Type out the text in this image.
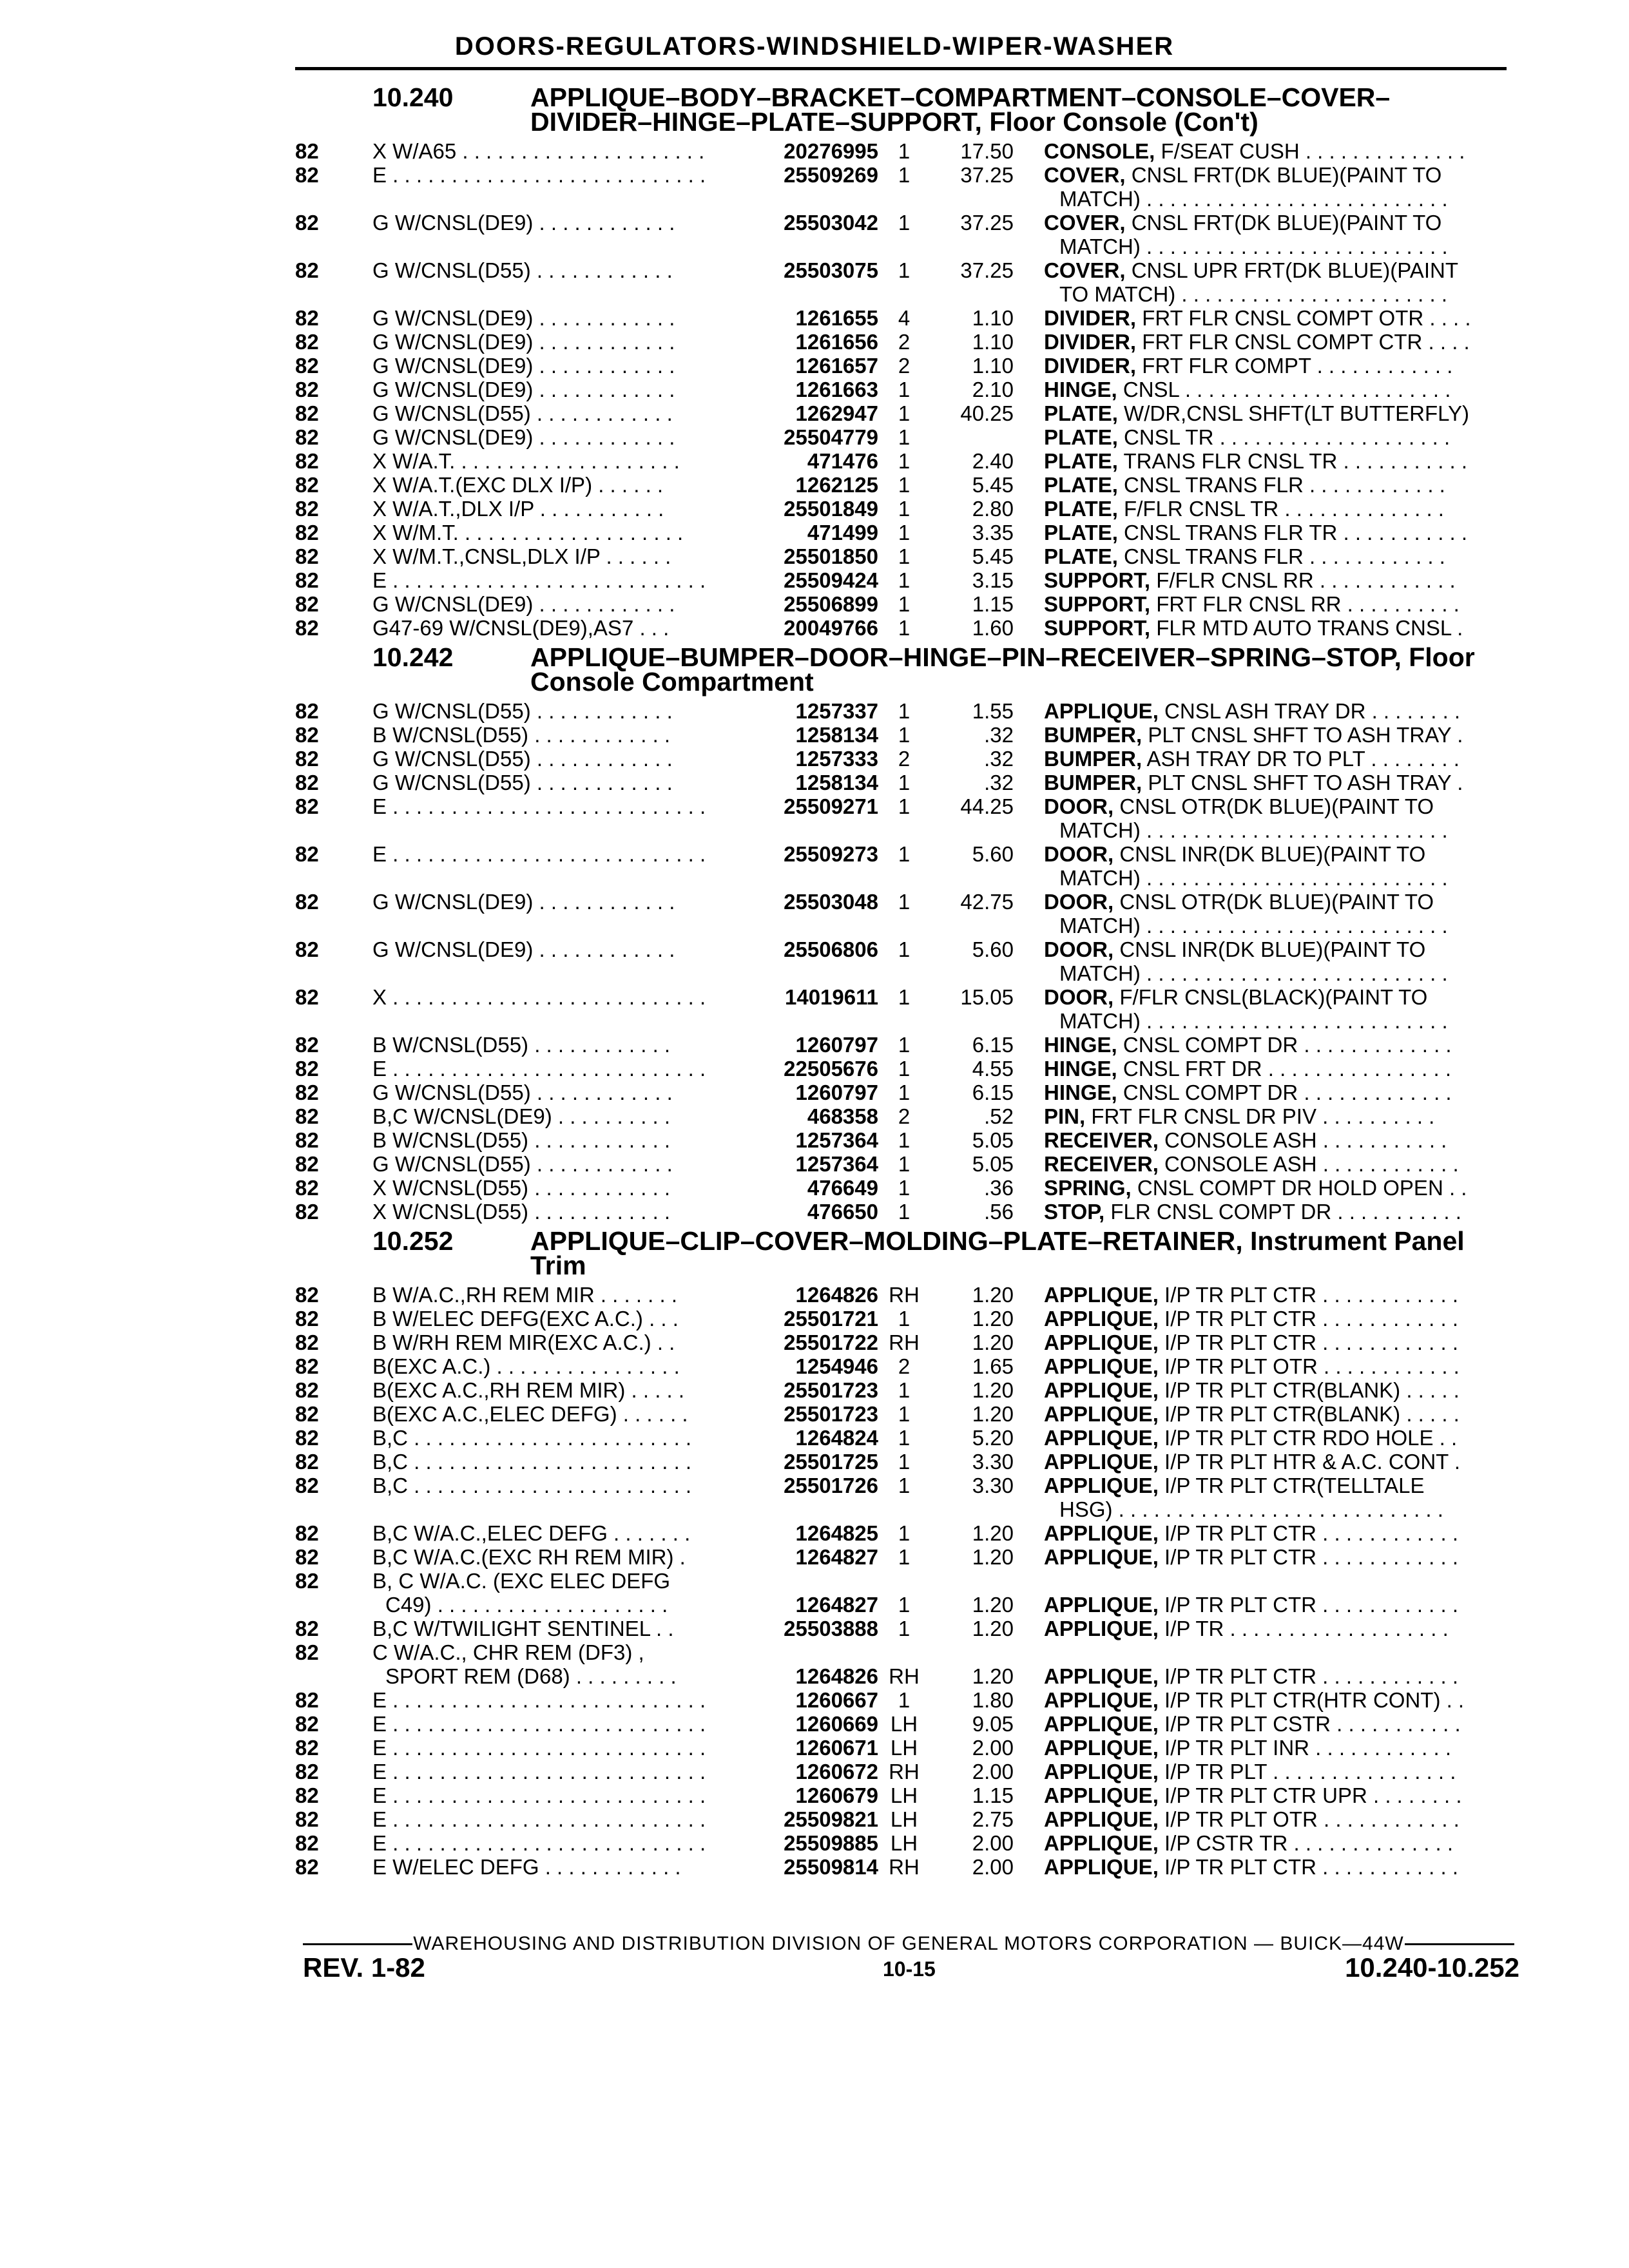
DOORS-REGULATORS-WINDSHIELD-WIPER-WASHER
10.240	APPLIQUE–BODY–BRACKET–COMPARTMENT–CONSOLE–COVER–DIVIDER–HINGE–PLATE–SUPPORT, Floor Console (Con't)
82	X W/A65 . . . . . . . . . . . . . . . . . . . . .	20276995 1	17.50 CONSOLE, F/SEAT CUSH . . . . . . . . . . . . . .
82	E . . . . . . . . . . . . . . . . . . . . . . . . . . .	25509269 1	37.25 COVER, CNSL FRT(DK BLUE)(PAINT TO
MATCH) . . . . . . . . . . . . . . . . . . . . . . . . . .
82	G W/CNSL(DE9) . . . . . . . . . . . .	25503042 1	37.25 COVER, CNSL FRT(DK BLUE)(PAINT TO
MATCH) . . . . . . . . . . . . . . . . . . . . . . . . . .
82	G W/CNSL(D55) . . . . . . . . . . . .	25503075 1	37.25 COVER, CNSL UPR FRT(DK BLUE)(PAINT
TO MATCH) . . . . . . . . . . . . . . . . . . . . . . .
82	G W/CNSL(DE9) . . . . . . . . . . . .	1261655 4	1.10 DIVIDER, FRT FLR CNSL COMPT OTR . . . .
82	G W/CNSL(DE9) . . . . . . . . . . . .	1261656 2	1.10 DIVIDER, FRT FLR CNSL COMPT CTR . . . .
82	G W/CNSL(DE9) . . . . . . . . . . . .	1261657 2	1.10 DIVIDER, FRT FLR COMPT . . . . . . . . . . . .
82	G W/CNSL(DE9) . . . . . . . . . . . .	1261663 1	2.10 HINGE, CNSL . . . . . . . . . . . . . . . . . . . . . . .
82	G W/CNSL(D55) . . . . . . . . . . . .	1262947 1	40.25 PLATE, W/DR,CNSL SHFT(LT BUTTERFLY)
82	G W/CNSL(DE9) . . . . . . . . . . . .	25504779 1	PLATE, CNSL TR . . . . . . . . . . . . . . . . . . . .
82	X W/A.T. . . . . . . . . . . . . . . . . . . .	471476 1	2.40 PLATE, TRANS FLR CNSL TR . . . . . . . . . . .
82	X W/A.T.(EXC DLX I/P) . . . . . .	1262125 1	5.45 PLATE, CNSL TRANS FLR . . . . . . . . . . . .
82	X W/A.T.,DLX I/P . . . . . . . . . . .	25501849 1	2.80 PLATE, F/FLR CNSL TR . . . . . . . . . . . . . .
82	X W/M.T. . . . . . . . . . . . . . . . . . . .	471499 1	3.35 PLATE, CNSL TRANS FLR TR . . . . . . . . . . .
82	X W/M.T.,CNSL,DLX I/P . . . . . .	25501850 1	5.45 PLATE, CNSL TRANS FLR . . . . . . . . . . . .
82	E . . . . . . . . . . . . . . . . . . . . . . . . . . .	25509424 1	3.15 SUPPORT, F/FLR CNSL RR . . . . . . . . . . . .
82	G W/CNSL(DE9) . . . . . . . . . . . .	25506899 1	1.15 SUPPORT, FRT FLR CNSL RR . . . . . . . . . .
82	G47-69 W/CNSL(DE9),AS7 . . .	20049766 1	1.60 SUPPORT, FLR MTD AUTO TRANS CNSL .
10.242	APPLIQUE–BUMPER–DOOR–HINGE–PIN–RECEIVER–SPRING–STOP, Floor Console Compartment
82	G W/CNSL(D55) . . . . . . . . . . . .	1257337 1	1.55 APPLIQUE, CNSL ASH TRAY DR . . . . . . . .
82	B W/CNSL(D55) . . . . . . . . . . . .	1258134 1	.32 BUMPER, PLT CNSL SHFT TO ASH TRAY .
82	G W/CNSL(D55) . . . . . . . . . . . .	1257333 2	.32 BUMPER, ASH TRAY DR TO PLT . . . . . . . .
82	G W/CNSL(D55) . . . . . . . . . . . .	1258134 1	.32 BUMPER, PLT CNSL SHFT TO ASH TRAY .
82	E . . . . . . . . . . . . . . . . . . . . . . . . . . .	25509271 1	44.25 DOOR, CNSL OTR(DK BLUE)(PAINT TO
MATCH) . . . . . . . . . . . . . . . . . . . . . . . . . .
82	E . . . . . . . . . . . . . . . . . . . . . . . . . . .	25509273 1	5.60 DOOR, CNSL INR(DK BLUE)(PAINT TO
MATCH) . . . . . . . . . . . . . . . . . . . . . . . . . .
82	G W/CNSL(DE9) . . . . . . . . . . . .	25503048 1	42.75 DOOR, CNSL OTR(DK BLUE)(PAINT TO
MATCH) . . . . . . . . . . . . . . . . . . . . . . . . . .
82	G W/CNSL(DE9) . . . . . . . . . . . .	25506806 1	5.60 DOOR, CNSL INR(DK BLUE)(PAINT TO
MATCH) . . . . . . . . . . . . . . . . . . . . . . . . . .
82	X . . . . . . . . . . . . . . . . . . . . . . . . . . .	14019611 1	15.05 DOOR, F/FLR CNSL(BLACK)(PAINT TO
MATCH) . . . . . . . . . . . . . . . . . . . . . . . . . .
82	B W/CNSL(D55) . . . . . . . . . . . .	1260797 1	6.15 HINGE, CNSL COMPT DR . . . . . . . . . . . . .
82	E . . . . . . . . . . . . . . . . . . . . . . . . . . .	22505676 1	4.55 HINGE, CNSL FRT DR . . . . . . . . . . . . . . . .
82	G W/CNSL(D55) . . . . . . . . . . . .	1260797 1	6.15 HINGE, CNSL COMPT DR . . . . . . . . . . . . .
82	B,C W/CNSL(DE9) . . . . . . . . . .	468358 2	.52 PIN, FRT FLR CNSL DR PIV . . . . . . . . . .
82	B W/CNSL(D55) . . . . . . . . . . . .	1257364 1	5.05 RECEIVER, CONSOLE ASH . . . . . . . . . . .
82	G W/CNSL(D55) . . . . . . . . . . . .	1257364 1	5.05 RECEIVER, CONSOLE ASH . . . . . . . . . . . .
82	X W/CNSL(D55) . . . . . . . . . . . .	476649 1	.36 SPRING, CNSL COMPT DR HOLD OPEN . .
82	X W/CNSL(D55) . . . . . . . . . . . .	476650 1	.56 STOP, FLR CNSL COMPT DR . . . . . . . . . . .
10.252	APPLIQUE–CLIP–COVER–MOLDING–PLATE–RETAINER, Instrument Panel Trim
82	B W/A.C.,RH REM MIR . . . . . . .	1264826 RH	1.20 APPLIQUE, I/P TR PLT CTR . . . . . . . . . . . .
82	B W/ELEC DEFG(EXC A.C.) . . .	25501721 1	1.20 APPLIQUE, I/P TR PLT CTR . . . . . . . . . . . .
82	B W/RH REM MIR(EXC A.C.) . .	25501722 RH	1.20 APPLIQUE, I/P TR PLT CTR . . . . . . . . . . . .
82	B(EXC A.C.) . . . . . . . . . . . . . . . .	1254946 2	1.65 APPLIQUE, I/P TR PLT OTR . . . . . . . . . . . .
82	B(EXC A.C.,RH REM MIR) . . . . .	25501723 1	1.20 APPLIQUE, I/P TR PLT CTR(BLANK) . . . . .
82	B(EXC A.C.,ELEC DEFG) . . . . . .	25501723 1	1.20 APPLIQUE, I/P TR PLT CTR(BLANK) . . . . .
82	B,C . . . . . . . . . . . . . . . . . . . . . . . .	1264824 1	5.20 APPLIQUE, I/P TR PLT CTR RDO HOLE . .
82	B,C . . . . . . . . . . . . . . . . . . . . . . . .	25501725 1	3.30 APPLIQUE, I/P TR PLT HTR & A.C. CONT .
82	B,C . . . . . . . . . . . . . . . . . . . . . . . .	25501726 1	3.30 APPLIQUE, I/P TR PLT CTR(TELLTALE
HSG) . . . . . . . . . . . . . . . . . . . . . . . . . . . .
82	B,C W/A.C.,ELEC DEFG . . . . . . .	1264825 1	1.20 APPLIQUE, I/P TR PLT CTR . . . . . . . . . . . .
82	B,C W/A.C.(EXC RH REM MIR) .	1264827 1	1.20 APPLIQUE, I/P TR PLT CTR . . . . . . . . . . . .
82	B, C W/A.C. (EXC ELEC DEFG
C49) . . . . . . . . . . . . . . . . . . . .	1264827 1	1.20 APPLIQUE, I/P TR PLT CTR . . . . . . . . . . . .
82	B,C W/TWILIGHT SENTINEL . .	25503888 1	1.20 APPLIQUE, I/P TR . . . . . . . . . . . . . . . . . . .
82	C W/A.C., CHR REM (DF3) ,
SPORT REM (D68) . . . . . . . . .	1264826 RH	1.20 APPLIQUE, I/P TR PLT CTR . . . . . . . . . . . .
82	E . . . . . . . . . . . . . . . . . . . . . . . . . . .	1260667 1	1.80 APPLIQUE, I/P TR PLT CTR(HTR CONT) . .
82	E . . . . . . . . . . . . . . . . . . . . . . . . . . .	1260669 LH	9.05 APPLIQUE, I/P TR PLT CSTR . . . . . . . . . . .
82	E . . . . . . . . . . . . . . . . . . . . . . . . . . .	1260671 LH	2.00 APPLIQUE, I/P TR PLT INR . . . . . . . . . . . .
82	E . . . . . . . . . . . . . . . . . . . . . . . . . . .	1260672 RH	2.00 APPLIQUE, I/P TR PLT . . . . . . . . . . . . . . . .
82	E . . . . . . . . . . . . . . . . . . . . . . . . . . .	1260679 LH	1.15 APPLIQUE, I/P TR PLT CTR UPR . . . . . . . .
82	E . . . . . . . . . . . . . . . . . . . . . . . . . . .	25509821 LH	2.75 APPLIQUE, I/P TR PLT OTR . . . . . . . . . . . .
82	E . . . . . . . . . . . . . . . . . . . . . . . . . . .	25509885 LH	2.00 APPLIQUE, I/P CSTR TR . . . . . . . . . . . . . .
82	E W/ELEC DEFG . . . . . . . . . . . .	25509814 RH	2.00 APPLIQUE, I/P TR PLT CTR . . . . . . . . . . . .
WAREHOUSING AND DISTRIBUTION DIVISION OF GENERAL MOTORS CORPORATION — BUICK—44W
REV. 1-82	10-15	10.240-10.252
